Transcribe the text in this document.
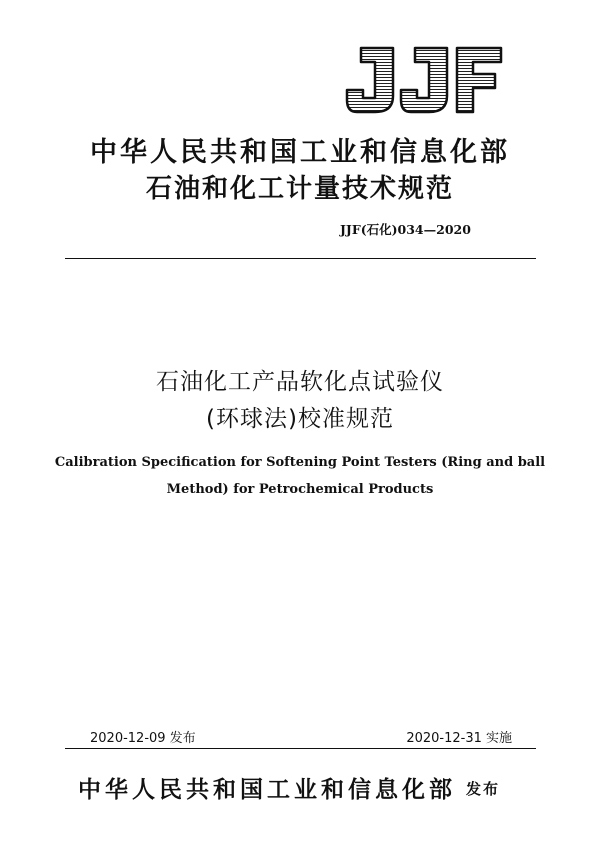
中华人民共和国工业和信息化部
石油和化工计量技术规范
JJF(石化)034—2020
石油化工产品软化点试验仪
(环球法)校准规范
Calibration Specification for Softening Point Testers (Ring and ball
Method) for Petrochemical Products
2020-12-09 发布	2020-12-31 实施
中华人民共和国工业和信息化部 发布
